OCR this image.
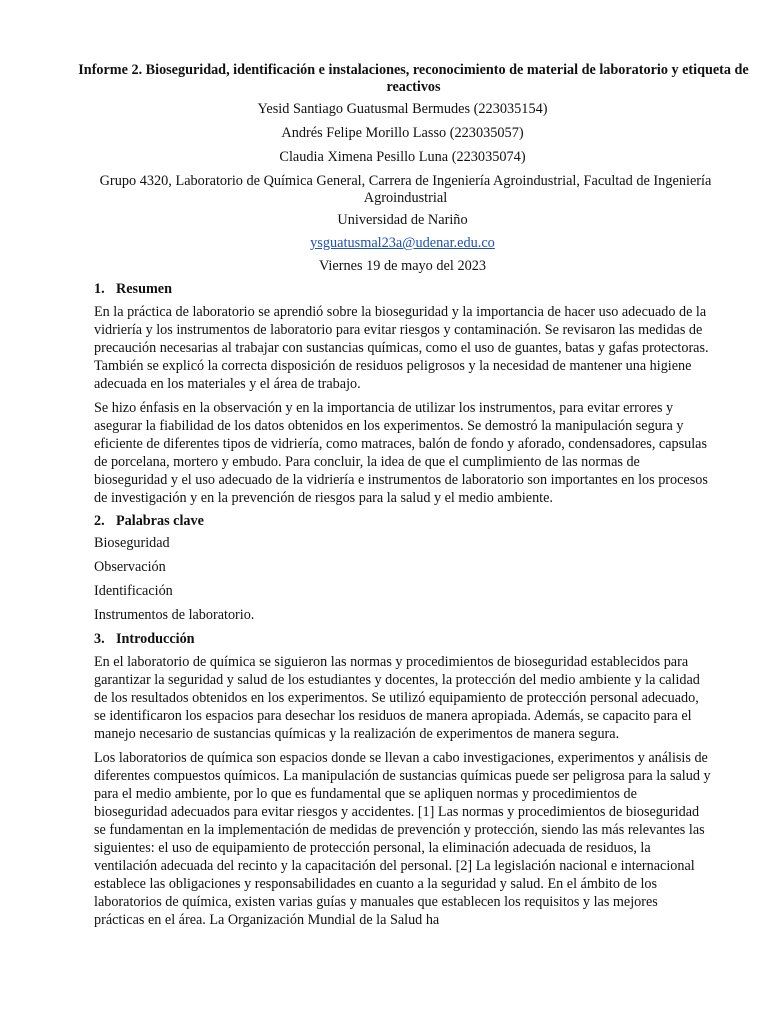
Informe 2. Bioseguridad, identificación e instalaciones, reconocimiento de material de laboratorio y etiqueta de reactivos
Yesid Santiago Guatusmal Bermudes (223035154)
Andrés Felipe Morillo Lasso (223035057)
Claudia Ximena Pesillo Luna (223035074)
Grupo 4320, Laboratorio de Química General, Carrera de Ingeniería Agroindustrial, Facultad de Ingeniería Agroindustrial
Universidad de Nariño
ysguatusmal23a@udenar.edu.co
Viernes 19 de mayo del 2023
1. Resumen

En la práctica de laboratorio se aprendió sobre la bioseguridad y la importancia de hacer uso adecuado de la vidriería y los instrumentos de laboratorio para evitar riesgos y contaminación. Se revisaron las medidas de precaución necesarias al trabajar con sustancias químicas, como el uso de guantes, batas y gafas protectoras. También se explicó la correcta disposición de residuos peligrosos y la necesidad de mantener una higiene adecuada en los materiales y el área de trabajo.

Se hizo énfasis en la observación y en la importancia de utilizar los instrumentos, para evitar errores y asegurar la fiabilidad de los datos obtenidos en los experimentos. Se demostró la manipulación segura y eficiente de diferentes tipos de vidriería, como matraces, balón de fondo y aforado, condensadores, capsulas de porcelana, mortero y embudo. Para concluir, la idea de que el cumplimiento de las normas de bioseguridad y el uso adecuado de la vidriería e instrumentos de laboratorio son importantes en los procesos de investigación y en la prevención de riesgos para la salud y el medio ambiente.

2. Palabras clave
Bioseguridad
Observación
Identificación
Instrumentos de laboratorio.
3. Introducción

En el laboratorio de química se siguieron las normas y procedimientos de bioseguridad establecidos para garantizar la seguridad y salud de los estudiantes y docentes, la protección del medio ambiente y la calidad de los resultados obtenidos en los experimentos. Se utilizó equipamiento de protección personal adecuado, se identificaron los espacios para desechar los residuos de manera apropiada. Además, se capacito para el manejo necesario de sustancias químicas y la realización de experimentos de manera segura.

Los laboratorios de química son espacios donde se llevan a cabo investigaciones, experimentos y análisis de diferentes compuestos químicos. La manipulación de sustancias químicas puede ser peligrosa para la salud y para el medio ambiente, por lo que es fundamental que se apliquen normas y procedimientos de bioseguridad adecuados para evitar riesgos y accidentes. [1] Las normas y procedimientos de bioseguridad se fundamentan en la implementación de medidas de prevención y protección, siendo las más relevantes las siguientes: el uso de equipamiento de protección personal, la eliminación adecuada de residuos, la ventilación adecuada del recinto y la capacitación del personal. [2] La legislación nacional e internacional establece las obligaciones y responsabilidades en cuanto a la seguridad y salud. En el ámbito de los laboratorios de química, existen varias guías y manuales que establecen los requisitos y las mejores prácticas en el área. La Organización Mundial de la Salud ha
